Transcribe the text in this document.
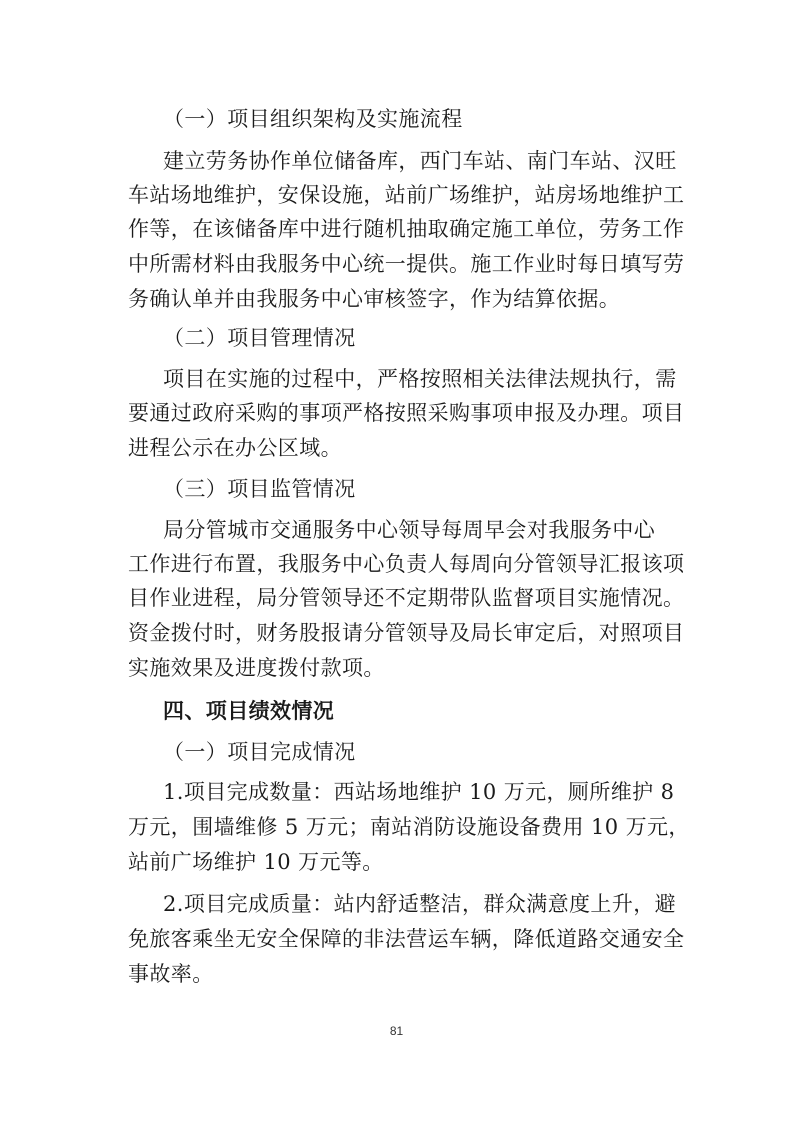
（一）项目组织架构及实施流程
建立劳务协作单位储备库，西门车站、南门车站、汉旺
车站场地维护，安保设施，站前广场维护，站房场地维护工
作等，在该储备库中进行随机抽取确定施工单位，劳务工作
中所需材料由我服务中心统一提供。施工作业时每日填写劳
务确认单并由我服务中心审核签字，作为结算依据。
（二）项目管理情况
项目在实施的过程中，严格按照相关法律法规执行，需
要通过政府采购的事项严格按照采购事项申报及办理。项目
进程公示在办公区域。
（三）项目监管情况
局分管城市交通服务中心领导每周早会对我服务中心
工作进行布置，我服务中心负责人每周向分管领导汇报该项
目作业进程，局分管领导还不定期带队监督项目实施情况。
资金拨付时，财务股报请分管领导及局长审定后，对照项目
实施效果及进度拨付款项。
四、项目绩效情况
（一）项目完成情况
1.项目完成数量：西站场地维护 10 万元，厕所维护 8
万元，围墙维修 5 万元；南站消防设施设备费用 10 万元，
站前广场维护 10 万元等。
2.项目完成质量：站内舒适整洁，群众满意度上升，避
免旅客乘坐无安全保障的非法营运车辆，降低道路交通安全
事故率。
81
